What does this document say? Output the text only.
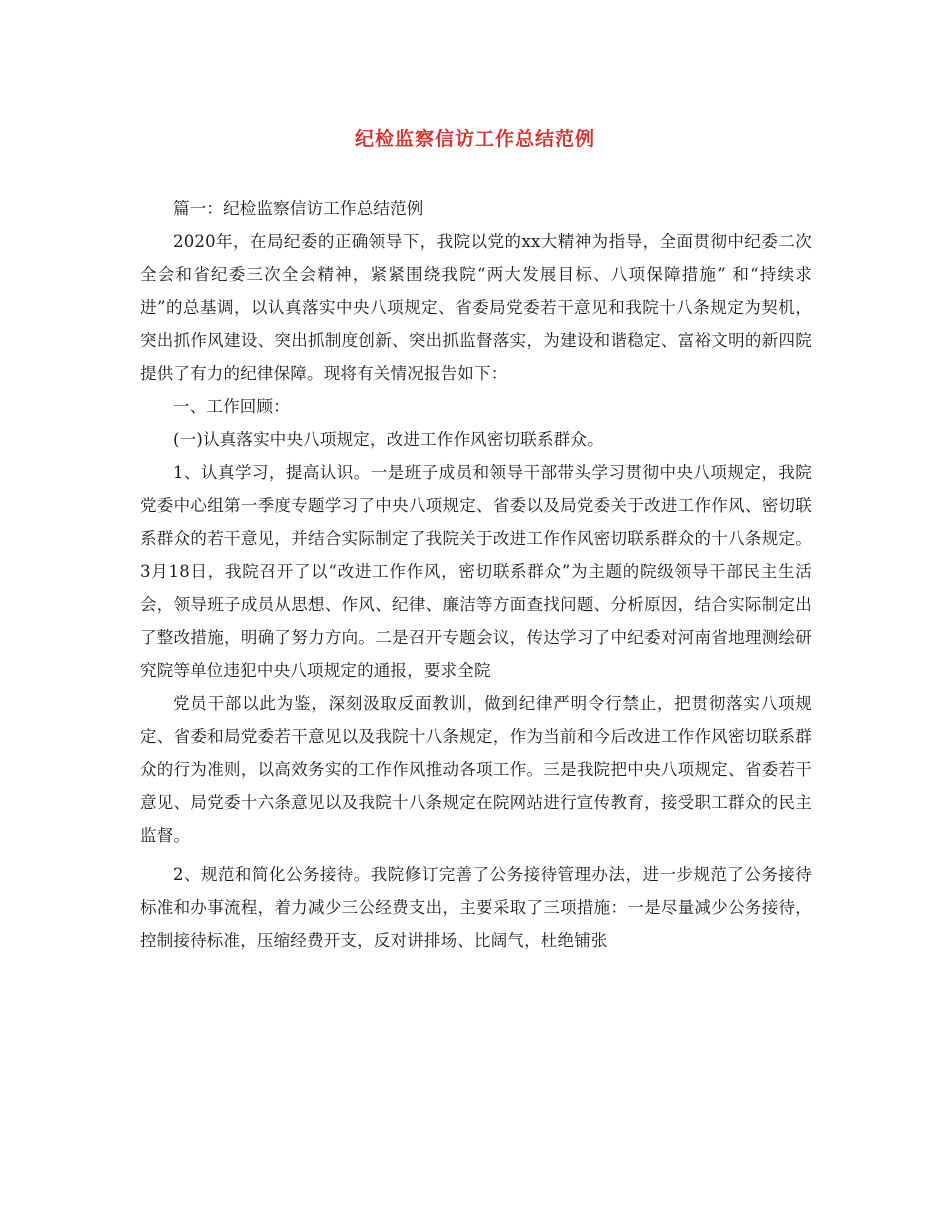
纪检监察信访工作总结范例

篇一：纪检监察信访工作总结范例

2020年，在局纪委的正确领导下，我院以党的xx大精神为指导，全面贯彻中纪委二次全会和省纪委三次全会精神，紧紧围绕我院“两大发展目标、八项保障措施” 和“持续求进”的总基调，以认真落实中央八项规定、省委局党委若干意见和我院十八条规定为契机，突出抓作风建设、突出抓制度创新、突出抓监督落实，为建设和谐稳定、富裕文明的新四院提供了有力的纪律保障。现将有关情况报告如下：

一、工作回顾：

(一)认真落实中央八项规定，改进工作作风密切联系群众。

1、认真学习，提高认识。一是班子成员和领导干部带头学习贯彻中央八项规定，我院党委中心组第一季度专题学习了中央八项规定、省委以及局党委关于改进工作作风、密切联系群众的若干意见，并结合实际制定了我院关于改进工作作风密切联系群众的十八条规定。3月18日，我院召开了以“改进工作作风，密切联系群众”为主题的院级领导干部民主生活会，领导班子成员从思想、作风、纪律、廉洁等方面查找问题、分析原因，结合实际制定出了整改措施，明确了努力方向。二是召开专题会议，传达学习了中纪委对河南省地理测绘研究院等单位违犯中央八项规定的通报，要求全院

党员干部以此为鉴，深刻汲取反面教训，做到纪律严明令行禁止，把贯彻落实八项规定、省委和局党委若干意见以及我院十八条规定，作为当前和今后改进工作作风密切联系群众的行为准则，以高效务实的工作作风推动各项工作。三是我院把中央八项规定、省委若干意见、局党委十六条意见以及我院十八条规定在院网站进行宣传教育，接受职工群众的民主监督。

2、规范和简化公务接待。我院修订完善了公务接待管理办法，进一步规范了公务接待标准和办事流程，着力减少三公经费支出，主要采取了三项措施：一是尽量减少公务接待，控制接待标准，压缩经费开支，反对讲排场、比阔气，杜绝铺张
